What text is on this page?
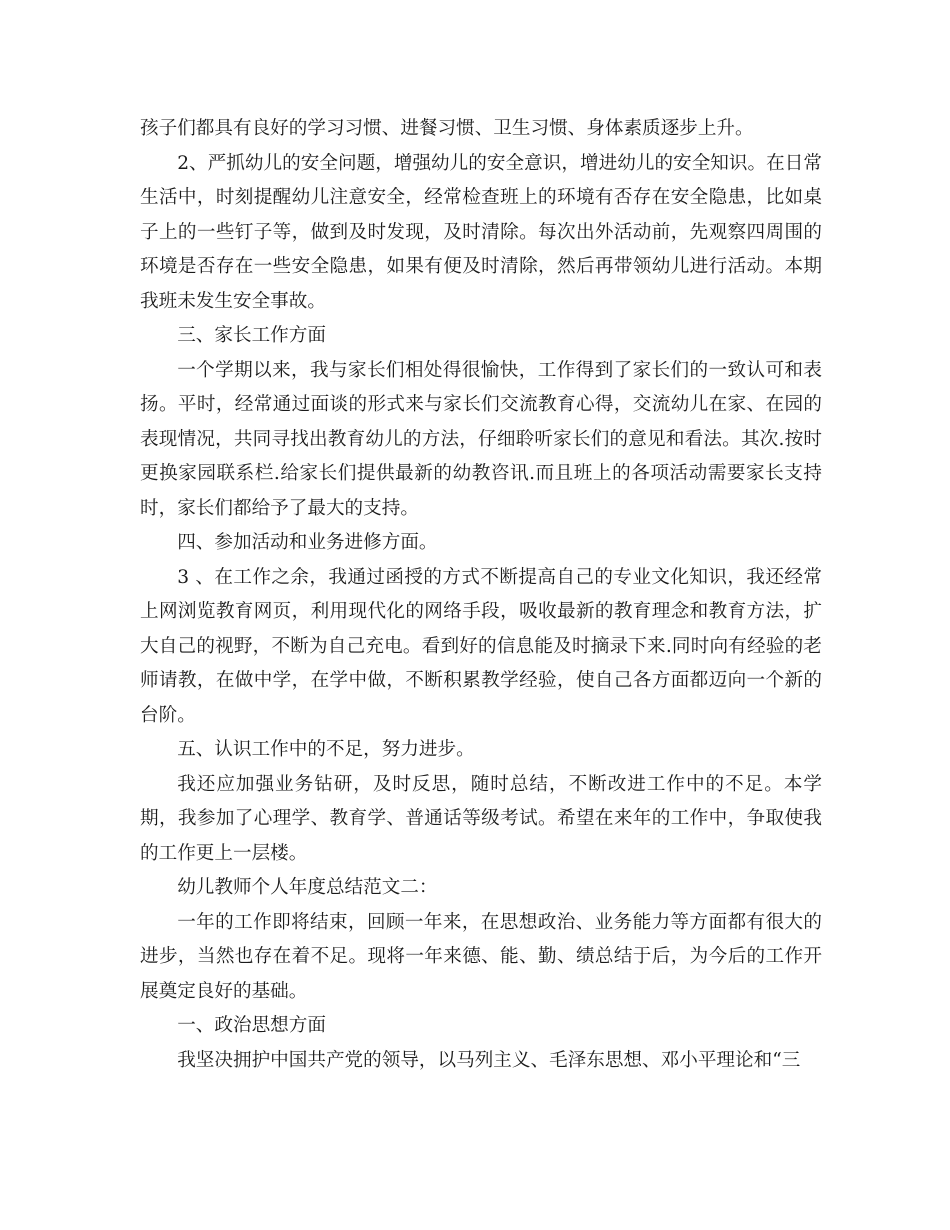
孩子们都具有良好的学习习惯、进餐习惯、卫生习惯、身体素质逐步上升。

2、严抓幼儿的安全问题，增强幼儿的安全意识，增进幼儿的安全知识。在日常生活中，时刻提醒幼儿注意安全，经常检查班上的环境有否存在安全隐患，比如桌子上的一些钉子等，做到及时发现，及时清除。每次出外活动前，先观察四周围的环境是否存在一些安全隐患，如果有便及时清除，然后再带领幼儿进行活动。本期我班未发生安全事故。

三、家长工作方面

一个学期以来，我与家长们相处得很愉快，工作得到了家长们的一致认可和表扬。平时，经常通过面谈的形式来与家长们交流教育心得，交流幼儿在家、在园的表现情况，共同寻找出教育幼儿的方法，仔细聆听家长们的意见和看法。其次.按时更换家园联系栏.给家长们提供最新的幼教咨讯.而且班上的各项活动需要家长支持时，家长们都给予了最大的支持。

四、参加活动和业务进修方面。

3 、在工作之余，我通过函授的方式不断提高自己的专业文化知识，我还经常上网浏览教育网页，利用现代化的网络手段，吸收最新的教育理念和教育方法，扩大自己的视野，不断为自己充电。看到好的信息能及时摘录下来.同时向有经验的老师请教，在做中学，在学中做，不断积累教学经验，使自己各方面都迈向一个新的台阶。

五、认识工作中的不足，努力进步。

我还应加强业务钻研，及时反思，随时总结，不断改进工作中的不足。本学期，我参加了心理学、教育学、普通话等级考试。希望在来年的工作中，争取使我的工作更上一层楼。

幼儿教师个人年度总结范文二：

一年的工作即将结束，回顾一年来，在思想政治、业务能力等方面都有很大的进步，当然也存在着不足。现将一年来德、能、勤、绩总结于后，为今后的工作开展奠定良好的基础。

一、政治思想方面

我坚决拥护中国共产党的领导，以马列主义、毛泽东思想、邓小平理论和“三
